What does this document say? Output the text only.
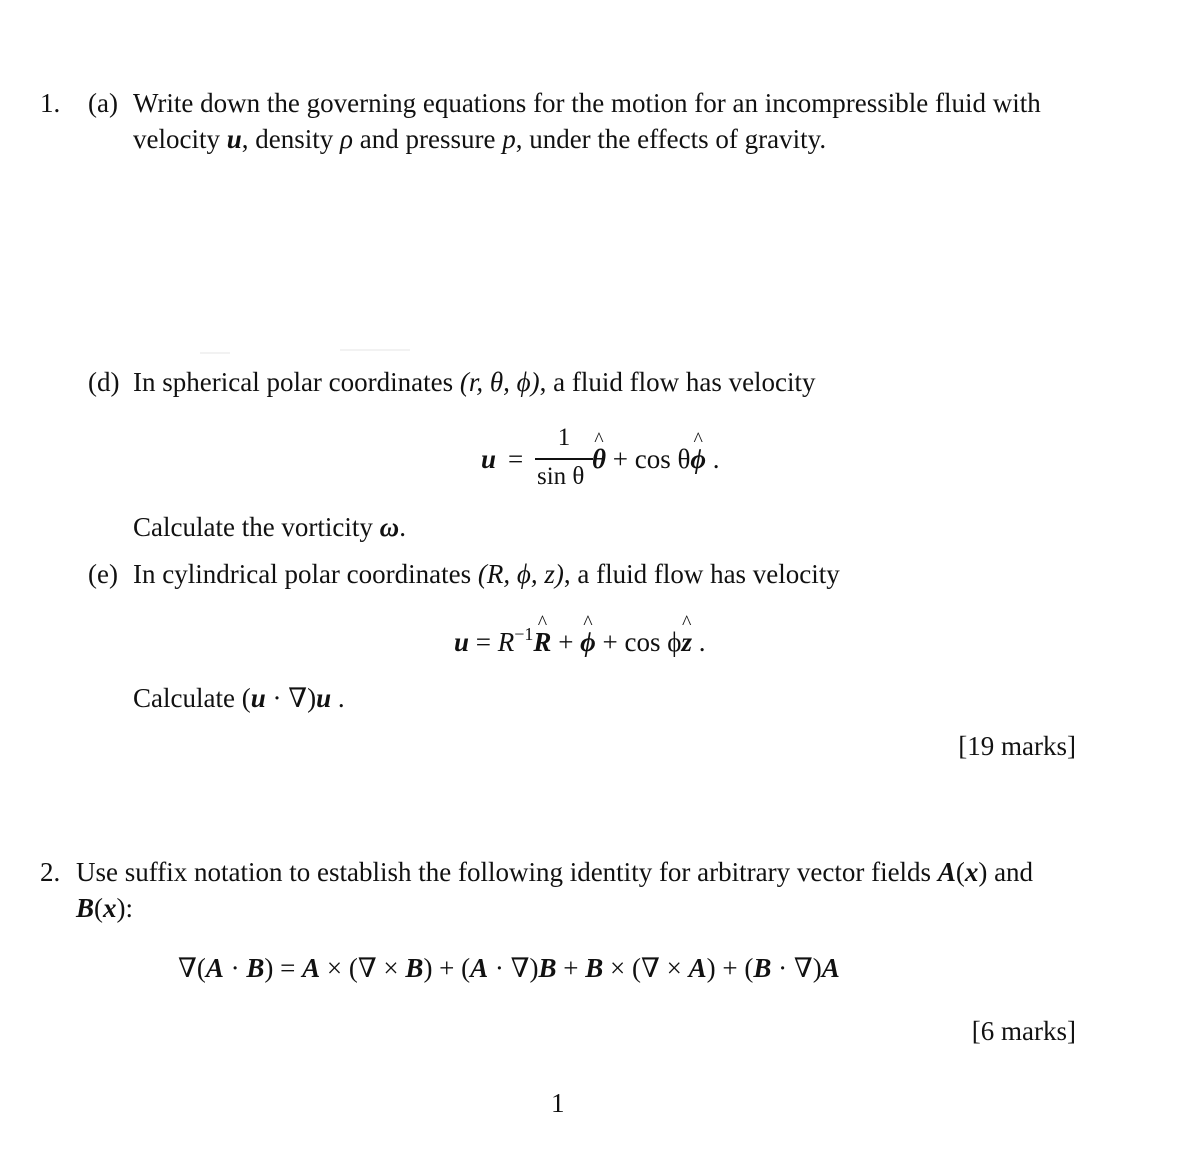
1. (a) Write down the governing equations for the motion for an incompressible fluid with
velocity u, density ρ and pressure p, under the effects of gravity.
(d) In spherical polar coordinates (r, θ, ϕ), a fluid flow has velocity
u =
1
sin θ
^ θ + cos θ^ ϕ .
Calculate the vorticity ω.
(e) In cylindrical polar coordinates (R, ϕ, z), a fluid flow has velocity
$u = R^{-1}\^{}$ R + ^ ϕ + cos ϕ^ z .
Calculate (u · ∇)u .
[19 marks]
2. Use suffix notation to establish the following identity for arbitrary vector fields A(x) and
B(x):
∇(A · B) = A × (∇ × B) + (A · ∇)B + B × (∇ × A) + (B · ∇)A
[6 marks]
1
